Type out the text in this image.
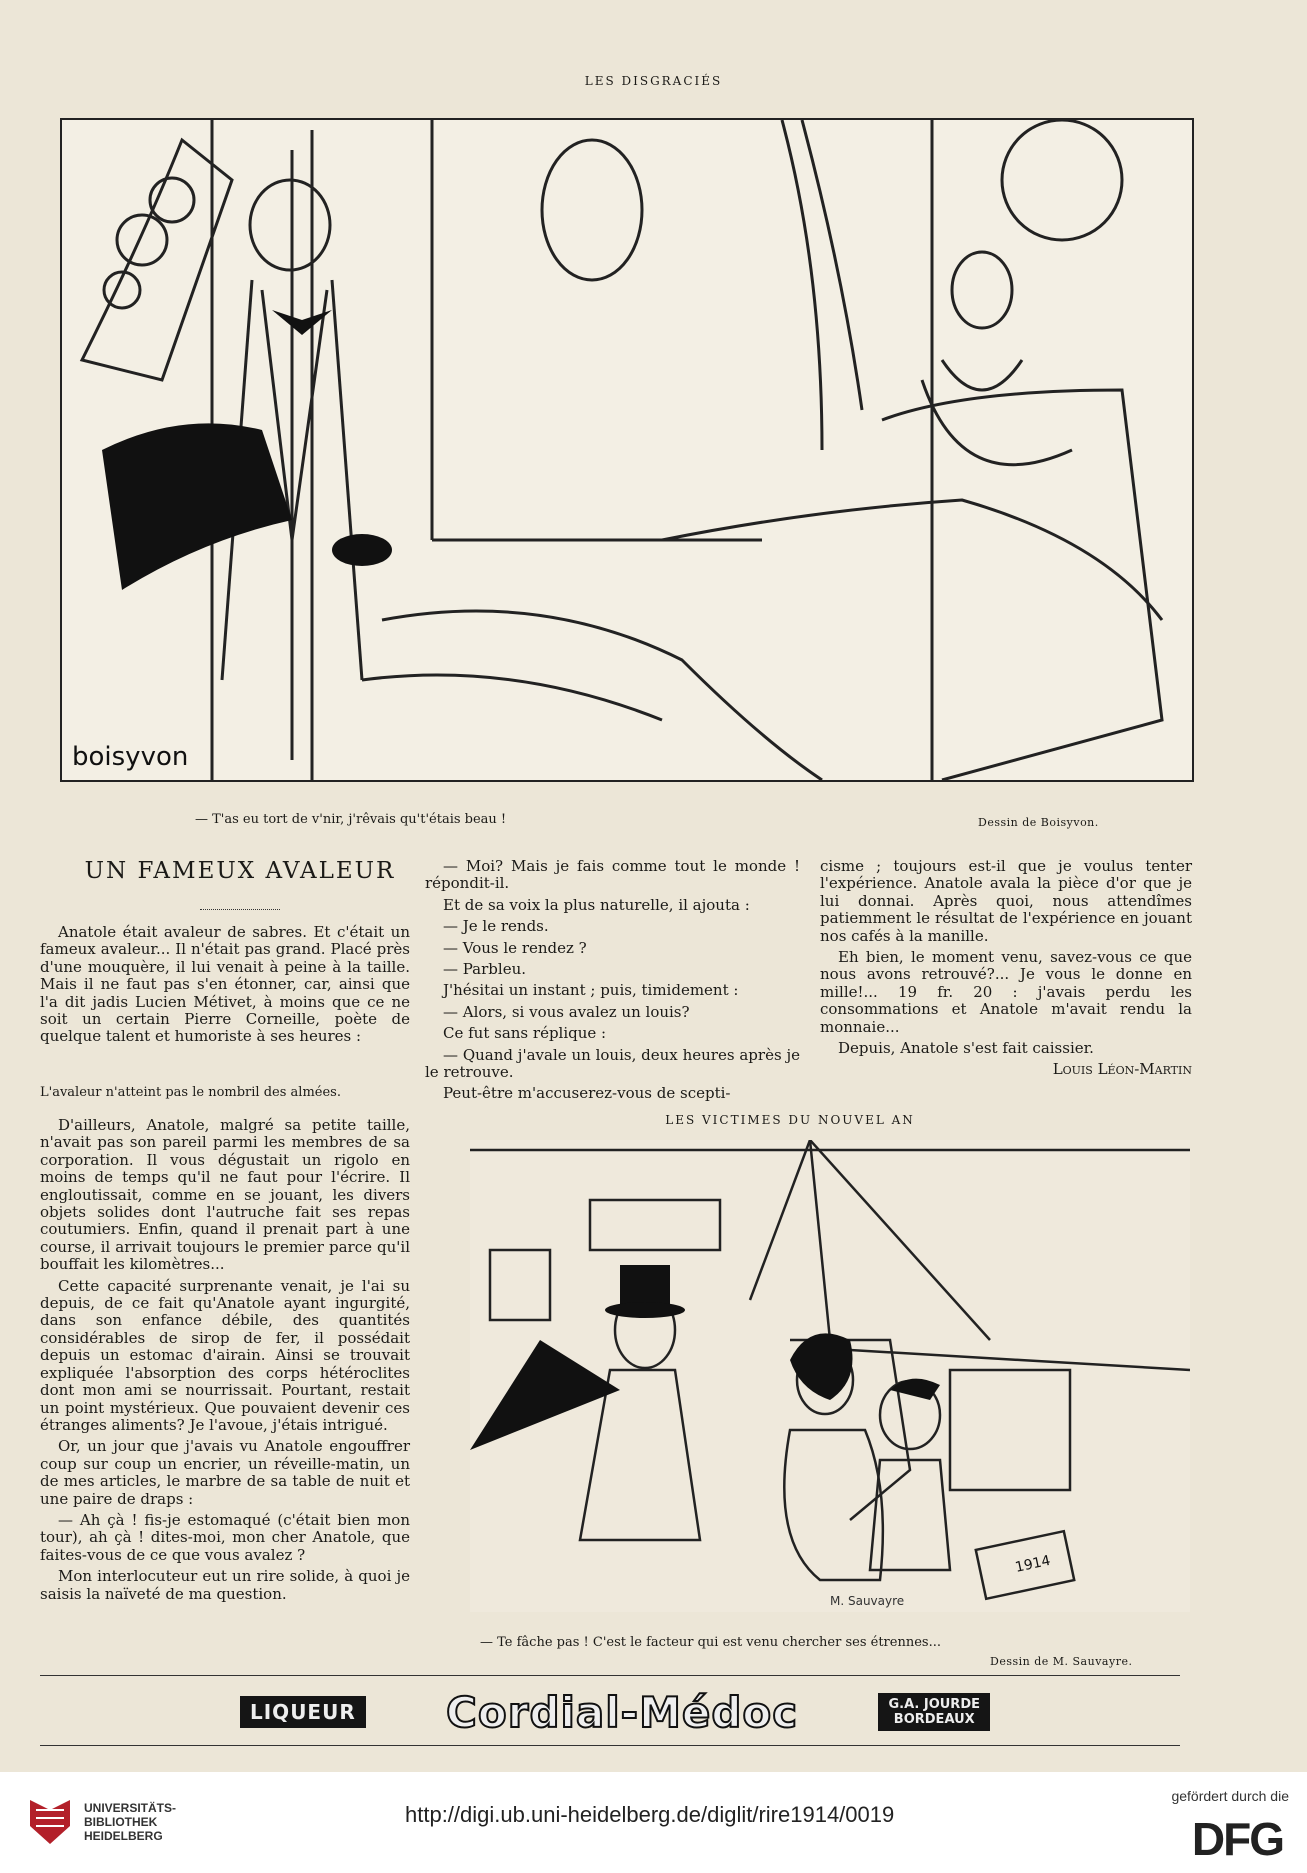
LES DISGRACIÉS
boisyvon
— T'as eu tort de v'nir, j'rêvais qu't'étais beau !	Dessin de Boisyvon.
UN FAMEUX AVALEUR

Anatole était avaleur de sabres. Et c'était un fameux avaleur... Il n'était pas grand. Placé près d'une mouquère, il lui venait à peine à la taille. Mais il ne faut pas s'en étonner, car, ainsi que l'a dit jadis Lucien Métivet, à moins que ce ne soit un certain Pierre Corneille, poète de quelque talent et humoriste à ses heures :

L'avaleur n'atteint pas le nombril des almées.

D'ailleurs, Anatole, malgré sa petite taille, n'avait pas son pareil parmi les membres de sa corporation. Il vous dégustait un rigolo en moins de temps qu'il ne faut pour l'écrire. Il engloutissait, comme en se jouant, les divers objets solides dont l'autruche fait ses repas coutumiers. Enfin, quand il prenait part à une course, il arrivait toujours le premier parce qu'il bouffait les kilomètres...

Cette capacité surprenante venait, je l'ai su depuis, de ce fait qu'Anatole ayant ingurgité, dans son enfance débile, des quantités considérables de sirop de fer, il possédait depuis un estomac d'airain. Ainsi se trouvait expliquée l'absorption des corps hétéroclites dont mon ami se nourrissait. Pourtant, restait un point mystérieux. Que pouvaient devenir ces étranges aliments? Je l'avoue, j'étais intrigué.

Or, un jour que j'avais vu Anatole engouffrer coup sur coup un encrier, un réveille-matin, un de mes articles, le marbre de sa table de nuit et une paire de draps :

— Ah çà ! fis-je estomaqué (c'était bien mon tour), ah çà ! dites-moi, mon cher Anatole, que faites-vous de ce que vous avalez ?

Mon interlocuteur eut un rire solide, à quoi je saisis la naïveté de ma question.

— Moi? Mais je fais comme tout le monde ! répondit-il.

Et de sa voix la plus naturelle, il ajouta :

— Je le rends.

— Vous le rendez ?

— Parbleu.

J'hésitai un instant ; puis, timidement :

— Alors, si vous avalez un louis?

Ce fut sans réplique :

— Quand j'avale un louis, deux heures après je le retrouve.

Peut-être m'accuserez-vous de scepti-

cisme ; toujours est-il que je voulus tenter l'expérience. Anatole avala la pièce d'or que je lui donnai. Après quoi, nous attendîmes patiemment le résultat de l'expérience en jouant nos cafés à la manille.

Eh bien, le moment venu, savez-vous ce que nous avons retrouvé?... Je vous le donne en mille!... 19 fr. 20 : j'avais perdu les consommations et Anatole m'avait rendu la monnaie...

Depuis, Anatole s'est fait caissier.

Louis Léon-Martin

LES VICTIMES DU NOUVEL AN
1914
M. Sauvayre
— Te fâche pas ! C'est le facteur qui est venu chercher ses étrennes...
Dessin de M. Sauvayre.
LIQUEUR Cordial-Médoc	G.A. JOURDE
BORDEAUX
UNIVERSITÄTS-
BIBLIOTHEK
HEIDELBERG
http://digi.ub.uni-heidelberg.de/diglit/rire1914/0019
gefördert durch die
DFG
